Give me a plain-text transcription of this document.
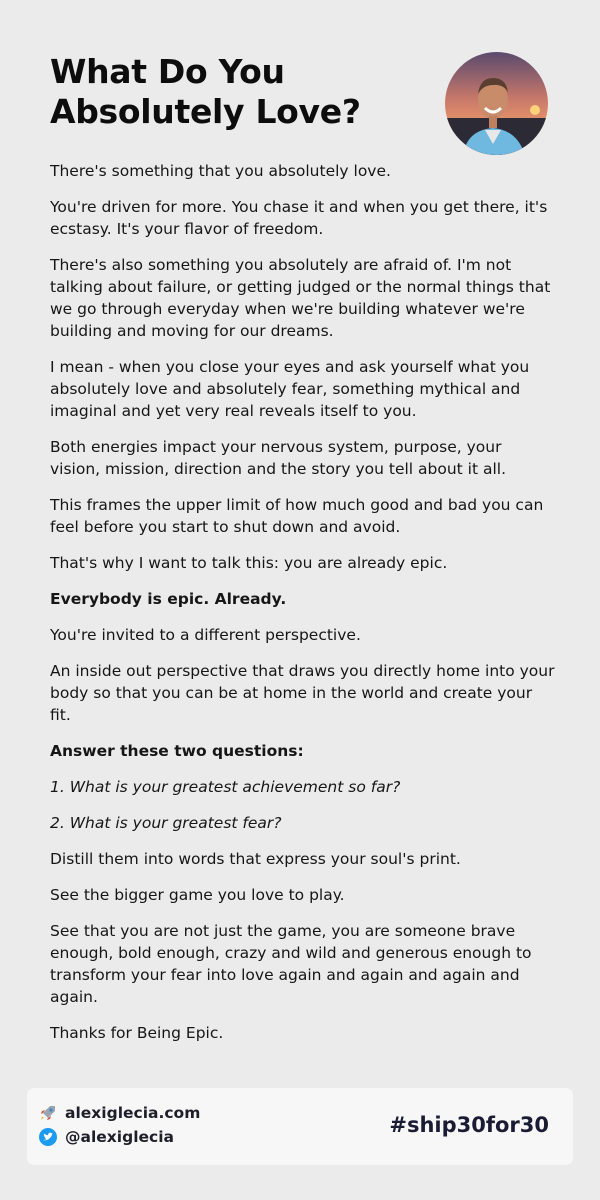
What Do You Absolutely Love?

There's something that you absolutely love.

You're driven for more. You chase it and when you get there, it's ecstasy. It's your flavor of freedom.

There's also something you absolutely are afraid of. I'm not talking about failure, or getting judged or the normal things that we go through everyday when we're building whatever we're building and moving for our dreams.

I mean - when you close your eyes and ask yourself what you absolutely love and absolutely fear, something mythical and imaginal and yet very real reveals itself to you.

Both energies impact your nervous system, purpose, your vision, mission, direction and the story you tell about it all.

This frames the upper limit of how much good and bad you can feel before you start to shut down and avoid.

That's why I want to talk this: you are already epic.

Everybody is epic. Already.

You're invited to a different perspective.

An inside out perspective that draws you directly home into your body so that you can be at home in the world and create your fit.

Answer these two questions:

1. What is your greatest achievement so far?

2. What is your greatest fear?

Distill them into words that express your soul's print.

See the bigger game you love to play.

See that you are not just the game, you are someone brave enough, bold enough, crazy and wild and generous enough to transform your fear into love again and again and again and again.

Thanks for Being Epic.

alexiglecia.com
@alexiglecia	#ship30for30
